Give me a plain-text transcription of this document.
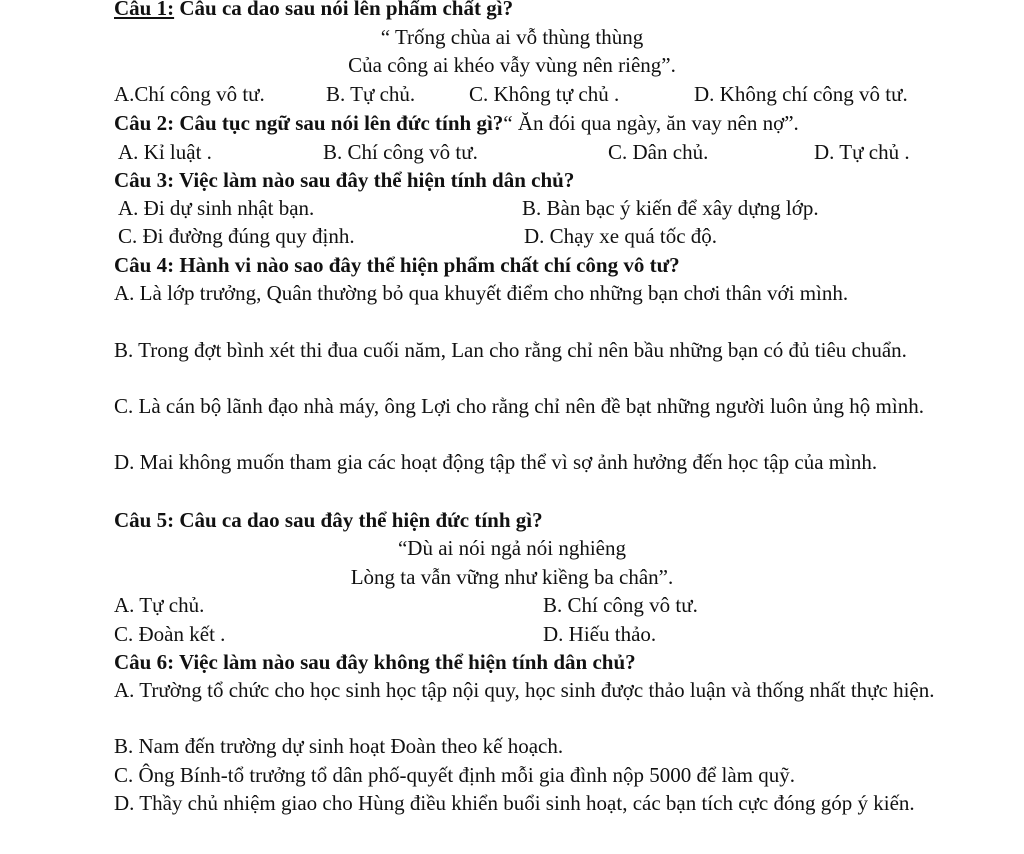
Câu 1: Câu ca dao sau nói lên phẩm chất gì?
“ Trống chùa ai vỗ thùng thùng
Của công ai khéo vẫy vùng nên riêng”.
A.Chí công vô tư.	B. Tự chủ.	C. Không tự chủ .	D. Không chí công vô tư.
Câu 2: Câu tục ngữ sau nói lên đức tính gì?“ Ăn đói qua ngày, ăn vay nên nợ”.
A. Kỉ luật .	B. Chí công vô tư.	C. Dân chủ.	D. Tự chủ .
Câu 3: Việc làm nào sau đây thể hiện tính dân chủ?
A. Đi dự sinh nhật bạn.	B. Bàn bạc ý kiến để xây dựng lớp.
C. Đi đường đúng quy định.	D. Chạy xe quá tốc độ.
Câu 4: Hành vi nào sao đây thể hiện phẩm chất chí công vô tư?
A. Là lớp trưởng, Quân thường bỏ qua khuyết điểm cho những bạn chơi thân với mình.
B. Trong đợt bình xét thi đua cuối năm, Lan cho rằng chỉ nên bầu những bạn có đủ tiêu chuẩn.
C. Là cán bộ lãnh đạo nhà máy, ông Lợi cho rằng chỉ nên đề bạt những người luôn ủng hộ mình.
D. Mai không muốn tham gia các hoạt động tập thể vì sợ ảnh hưởng đến học tập của mình.
Câu 5: Câu ca dao sau đây thể hiện đức tính gì?
“Dù ai nói ngả nói nghiêng
Lòng ta vẫn vững như kiềng ba chân”.
A. Tự chủ.	B. Chí công vô tư.
C. Đoàn kết .	D. Hiếu thảo.
Câu 6: Việc làm nào sau đây không thể hiện tính dân chủ?
A. Trường tổ chức cho học sinh học tập nội quy, học sinh được thảo luận và thống nhất thực hiện.
B. Nam đến trường dự sinh hoạt Đoàn theo kế hoạch.
C. Ông Bính-tổ trưởng tổ dân phố-quyết định mỗi gia đình nộp 5000 để làm quỹ.
D. Thầy chủ nhiệm giao cho Hùng điều khiển buổi sinh hoạt, các bạn tích cực đóng góp ý kiến.
